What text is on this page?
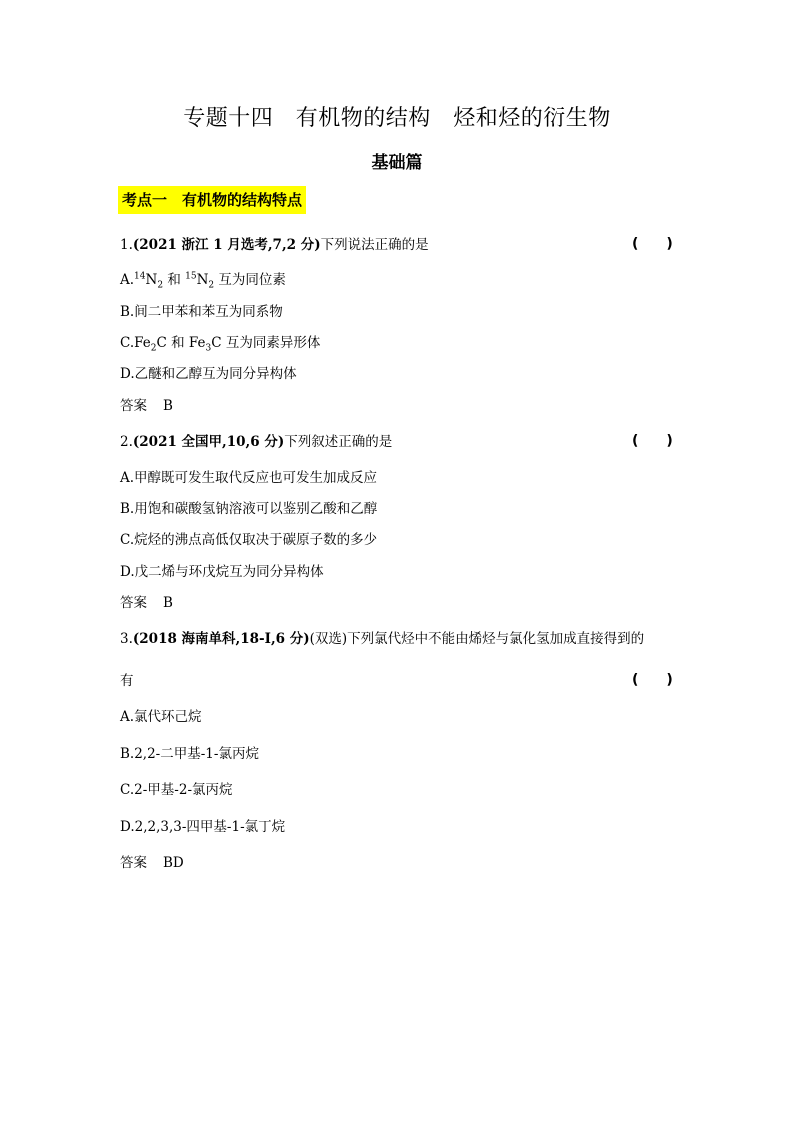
专题十四　有机物的结构　烃和烃的衍生物
基础篇
考点一　有机物的结构特点
1.(2021 浙江 1 月选考,7,2 分)下列说法正确的是	(　　)
$A.^{14}N_2$ 和 $^{15}N_2$ 互为同位素
B.间二甲苯和苯互为同系物
$C.Fe_2C$ 和 $Fe_3C$ 互为同素异形体
D.乙醚和乙醇互为同分异构体
答案 B
2.(2021 全国甲,10,6 分)下列叙述正确的是	(　　)
A.甲醇既可发生取代反应也可发生加成反应
B.用饱和碳酸氢钠溶液可以鉴别乙酸和乙醇
C.烷烃的沸点高低仅取决于碳原子数的多少
D.戊二烯与环戊烷互为同分异构体
答案 B
3.(2018 海南单科,18-Ⅰ,6 分)(双选)下列氯代烃中不能由烯烃与氯化氢加成直接得到的
有	(　　)
A.氯代环己烷
B.2,2-二甲基-1-氯丙烷
C.2-甲基-2-氯丙烷
D.2,2,3,3-四甲基-1-氯丁烷
答案 BD
